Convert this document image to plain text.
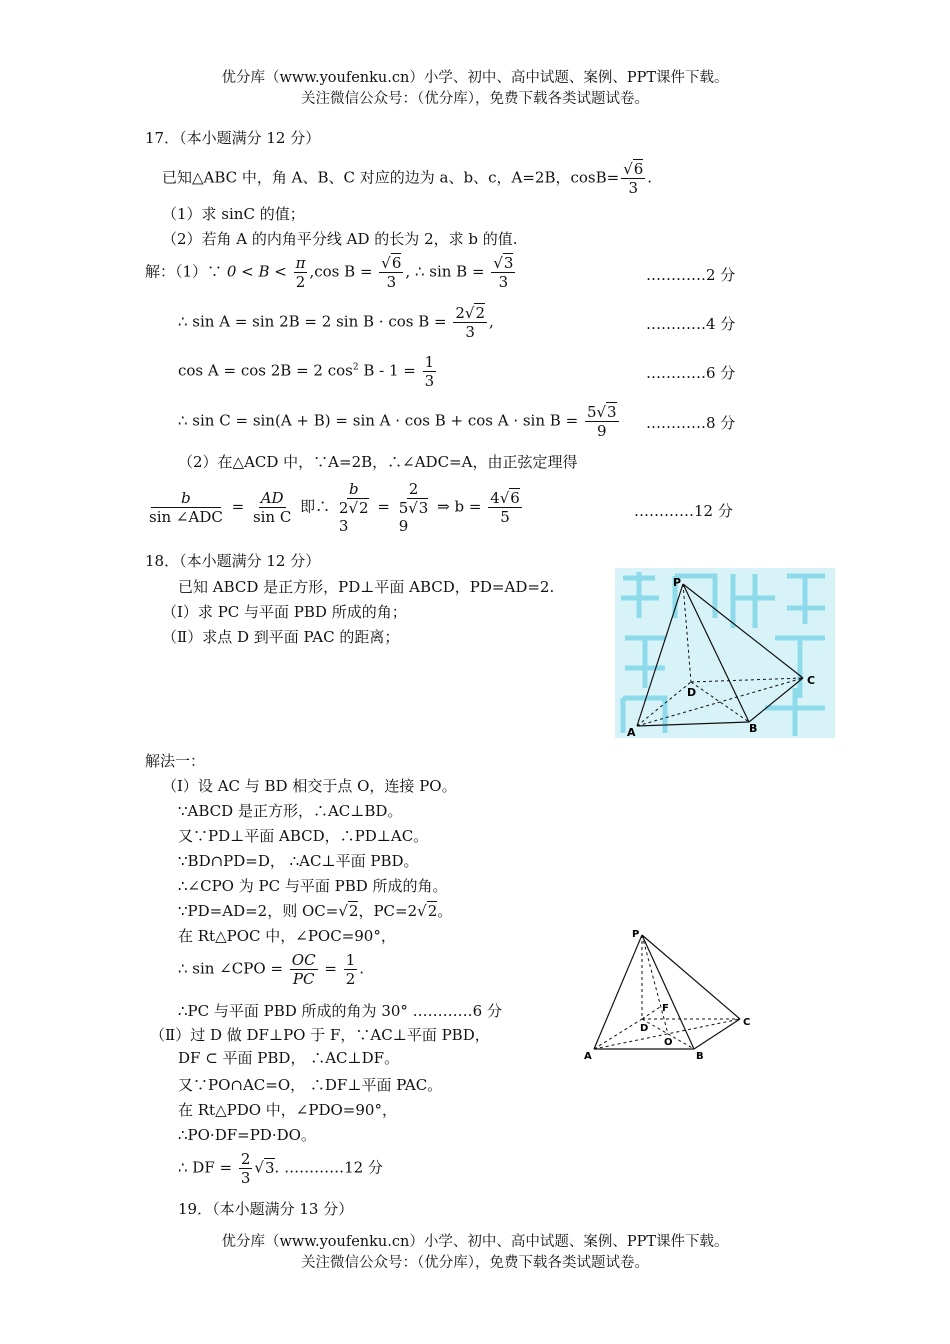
优分库（www.youfenku.cn）小学、初中、高中试题、案例、PPT课件下载。
关注微信公众号：（优分库），免费下载各类试题试卷。
17．（本小题满分 12 分）
已知△ABC 中，角 A、B、C 对应的边为 a、b、c，A=2B，$\cos B= \frac{√6}{3}$ .
（1）求 sinC 的值；
（2）若角 A 的内角平分线 AD 的长为 2，求 b 的值.
解：（1）∵ $0 < B < \frac{\pi}{2} ,\cos$ $B = \frac{√6}{3}$ , ∴ $\sin B = \frac{√3}{3}$	…………2 分
∴ sin A = sin 2B = 2 $\sin B \cdot \cos B = \frac{2√2}{3}$ ,	…………4 分
cos A = cos 2B = 2 $\cos^2 B - 1 = \frac{1}{3}$	…………6 分
∴ $\sin C = \sin(A + B) = \sin A \cdot \cos B + \cos A \cdot \sin B = \frac{5√3}{9}$ …………8 分
（2）在△ACD 中，∵A=2B，∴∠ADC=A，由正弦定理得
$\frac{b}{\text{sin ∠ADC}} = \frac{AD}{\text{sin C}}$ 即∴
b
2√2
3
=
2
5√3
9
⇒ $b = \frac{4√6}{5}$	…………12 分
18．（本小题满分 12 分）
已知 ABCD 是正方形，PD⊥平面 ABCD，PD=AD=2.
（Ⅰ）求 PC 与平面 PBD 所成的角；
（Ⅱ）求点 D 到平面 PAC 的距离；
P
A	B
C
D
解法一：
（Ⅰ）设 AC 与 BD 相交于点 O，连接 PO。
∵ABCD 是正方形，∴AC⊥BD。
又∵PD⊥平面 ABCD，∴PD⊥AC。
∵BD∩PD=D， ∴AC⊥平面 PBD。
∴∠CPO 为 PC 与平面 PBD 所成的角。
∵PD=AD=2，则 OC=√2，PC=2√2。
在 Rt△POC 中，∠POC=90°，
∴ sin ∠CPO = $\frac{OC}{PC} = \frac{1}{2}$ .
∴PC 与平面 PBD 所成的角为 30° …………6 分
（Ⅱ）过 D 做 DF⊥PO 于 F，∵AC⊥平面 PBD，
DF ⊂ 平面 PBD， ∴AC⊥DF。
又∵PO∩AC=O， ∴DF⊥平面 PAC。
在 Rt△PDO 中，∠PDO=90°，
∴PO·DF=PD·DO。
∴ DF = $\frac{2}{3} √3$. …………12 分
P
A	B
C
D
O
F
19．（本小题满分 13 分）
优分库（www.youfenku.cn）小学、初中、高中试题、案例、PPT课件下载。
关注微信公众号：（优分库），免费下载各类试题试卷。
